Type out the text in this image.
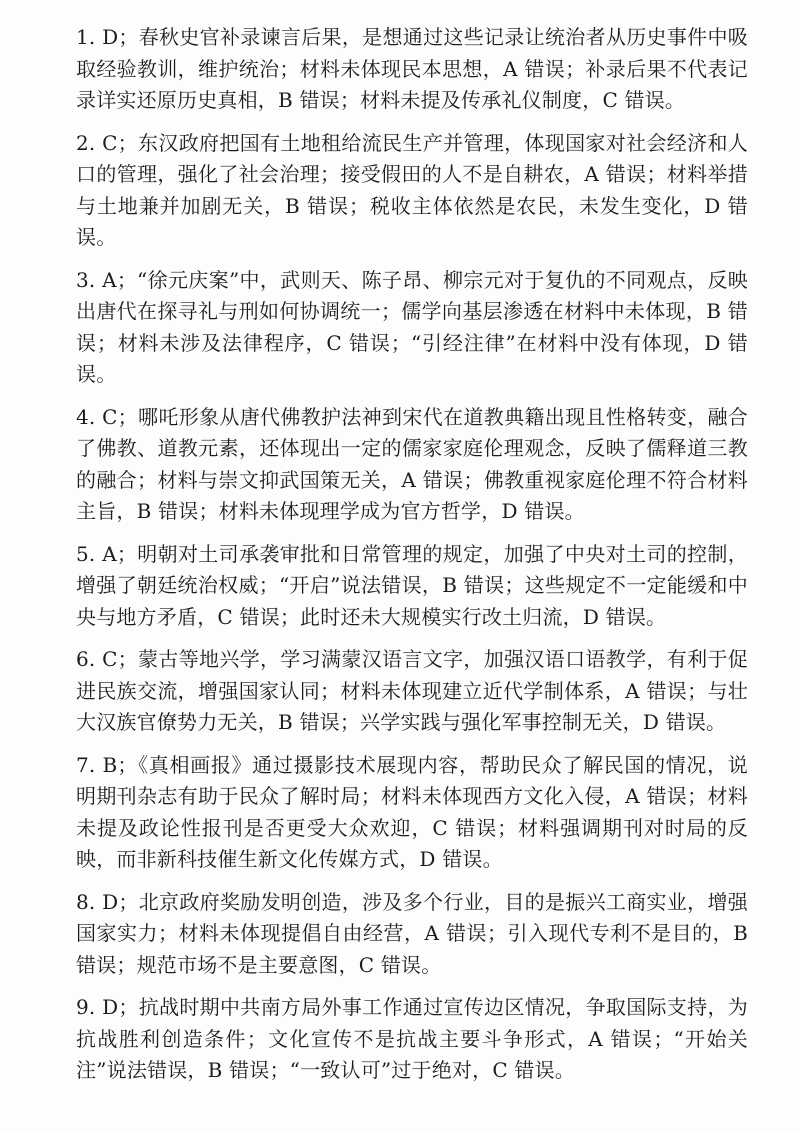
1. D；春秋史官补录谏言后果，是想通过这些记录让统治者从历史事件中吸取经验教训，维护统治；材料未体现民本思想，A 错误；补录后果不代表记录详实还原历史真相，B 错误；材料未提及传承礼仪制度，C 错误。

2. C；东汉政府把国有土地租给流民生产并管理，体现国家对社会经济和人口的管理，强化了社会治理；接受假田的人不是自耕农，A 错误；材料举措与土地兼并加剧无关，B 错误；税收主体依然是农民，未发生变化，D 错误。

3. A；“徐元庆案”中，武则天、陈子昂、柳宗元对于复仇的不同观点，反映出唐代在探寻礼与刑如何协调统一；儒学向基层渗透在材料中未体现，B 错误；材料未涉及法律程序，C 错误；“引经注律”在材料中没有体现，D 错误。

4. C；哪吒形象从唐代佛教护法神到宋代在道教典籍出现且性格转变，融合了佛教、道教元素，还体现出一定的儒家家庭伦理观念，反映了儒释道三教的融合；材料与崇文抑武国策无关，A 错误；佛教重视家庭伦理不符合材料主旨，B 错误；材料未体现理学成为官方哲学，D 错误。

5. A；明朝对土司承袭审批和日常管理的规定，加强了中央对土司的控制，增强了朝廷统治权威；“开启”说法错误，B 错误；这些规定不一定能缓和中央与地方矛盾，C 错误；此时还未大规模实行改土归流，D 错误。

6. C；蒙古等地兴学，学习满蒙汉语言文字，加强汉语口语教学，有利于促进民族交流，增强国家认同；材料未体现建立近代学制体系，A 错误；与壮大汉族官僚势力无关，B 错误；兴学实践与强化军事控制无关，D 错误。

7. B；《真相画报》通过摄影技术展现内容，帮助民众了解民国的情况，说明期刊杂志有助于民众了解时局；材料未体现西方文化入侵，A 错误；材料未提及政论性报刊是否更受大众欢迎，C 错误；材料强调期刊对时局的反映，而非新科技催生新文化传媒方式，D 错误。

8. D；北京政府奖励发明创造，涉及多个行业，目的是振兴工商实业，增强国家实力；材料未体现提倡自由经营，A 错误；引入现代专利不是目的，B 错误；规范市场不是主要意图，C 错误。

9. D；抗战时期中共南方局外事工作通过宣传边区情况，争取国际支持，为抗战胜利创造条件；文化宣传不是抗战主要斗争形式，A 错误；“开始关注”说法错误，B 错误；“一致认可”过于绝对，C 错误。
